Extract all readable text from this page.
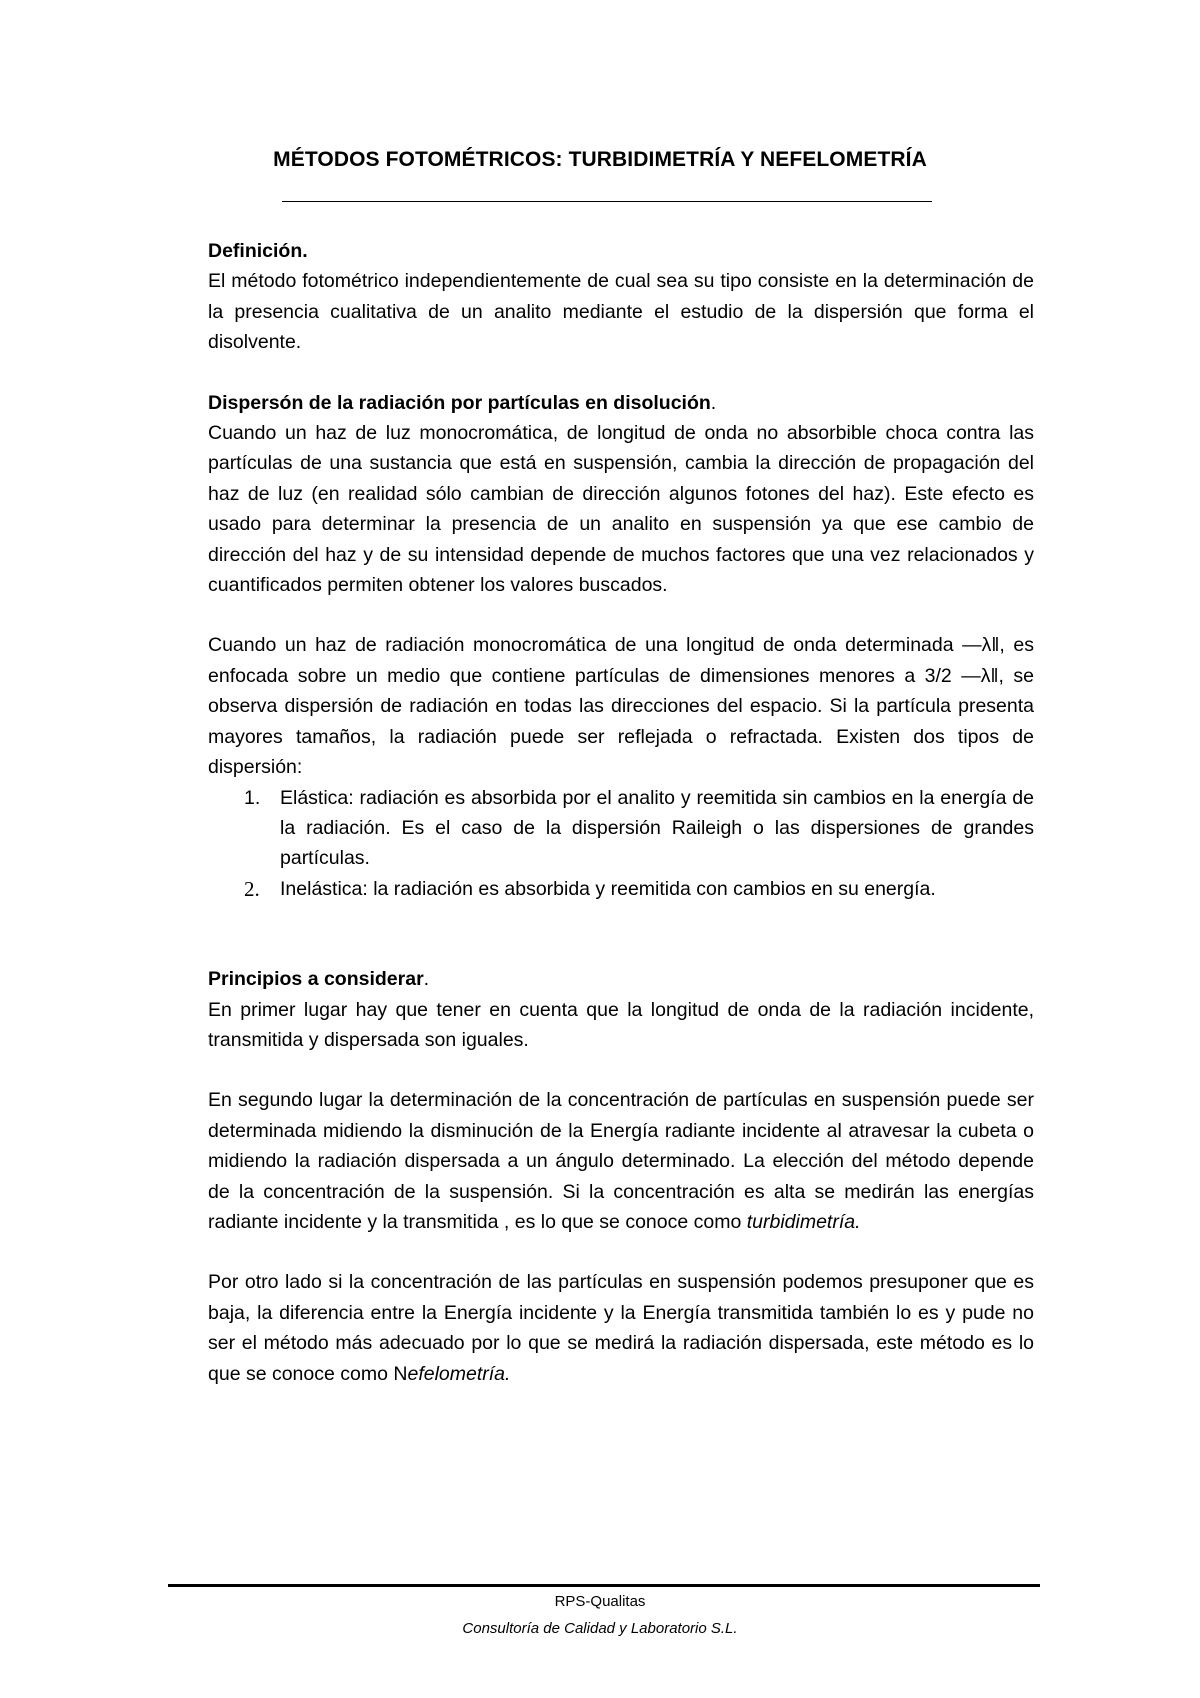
MÉTODOS FOTOMÉTRICOS: TURBIDIMETRÍA Y NEFELOMETRÍA

Definición.

El método fotométrico independientemente de cual sea su tipo consiste en la determinación de la presencia cualitativa de un analito mediante el estudio de la dispersión que forma el disolvente.

Dispersón de la radiación por partículas en disolución.

Cuando un haz de luz monocromática, de longitud de onda no absorbible choca contra las partículas de una sustancia que está en suspensión, cambia la dirección de propagación del haz de luz (en realidad sólo cambian de dirección algunos fotones del haz). Este efecto es usado para determinar la presencia de un analito en suspensión ya que ese cambio de dirección del haz y de su intensidad depende de muchos factores que una vez relacionados y cuantificados permiten obtener los valores buscados.

Cuando un haz de radiación monocromática de una longitud de onda determinada ―λ‖, es enfocada sobre un medio que contiene partículas de dimensiones menores a 3/2 ―λ‖, se observa dispersión de radiación en todas las direcciones del espacio. Si la partícula presenta mayores tamaños, la radiación puede ser reflejada o refractada. Existen dos tipos de dispersión:

1. Elástica: radiación es absorbida por el analito y reemitida sin cambios en la energía de la radiación. Es el caso de la dispersión Raileigh o las dispersiones de grandes partículas.
2. Inelástica: la radiación es absorbida y reemitida con cambios en su energía.

Principios a considerar.

En primer lugar hay que tener en cuenta que la longitud de onda de la radiación incidente, transmitida y dispersada son iguales.

En segundo lugar la determinación de la concentración de partículas en suspensión puede ser determinada midiendo la disminución de la Energía radiante incidente al atravesar la cubeta o midiendo la radiación dispersada a un ángulo determinado. La elección del método depende de la concentración de la suspensión. Si la concentración es alta se medirán las energías radiante incidente y la transmitida , es lo que se conoce como turbidimetría.

Por otro lado si la concentración de las partículas en suspensión podemos presuponer que es baja, la diferencia entre la Energía incidente y la Energía transmitida también lo es y pude no ser el método más adecuado por lo que se medirá la radiación dispersada, este método es lo que se conoce como Nefelometría.

RPS-Qualitas
Consultoría de Calidad y Laboratorio S.L.
